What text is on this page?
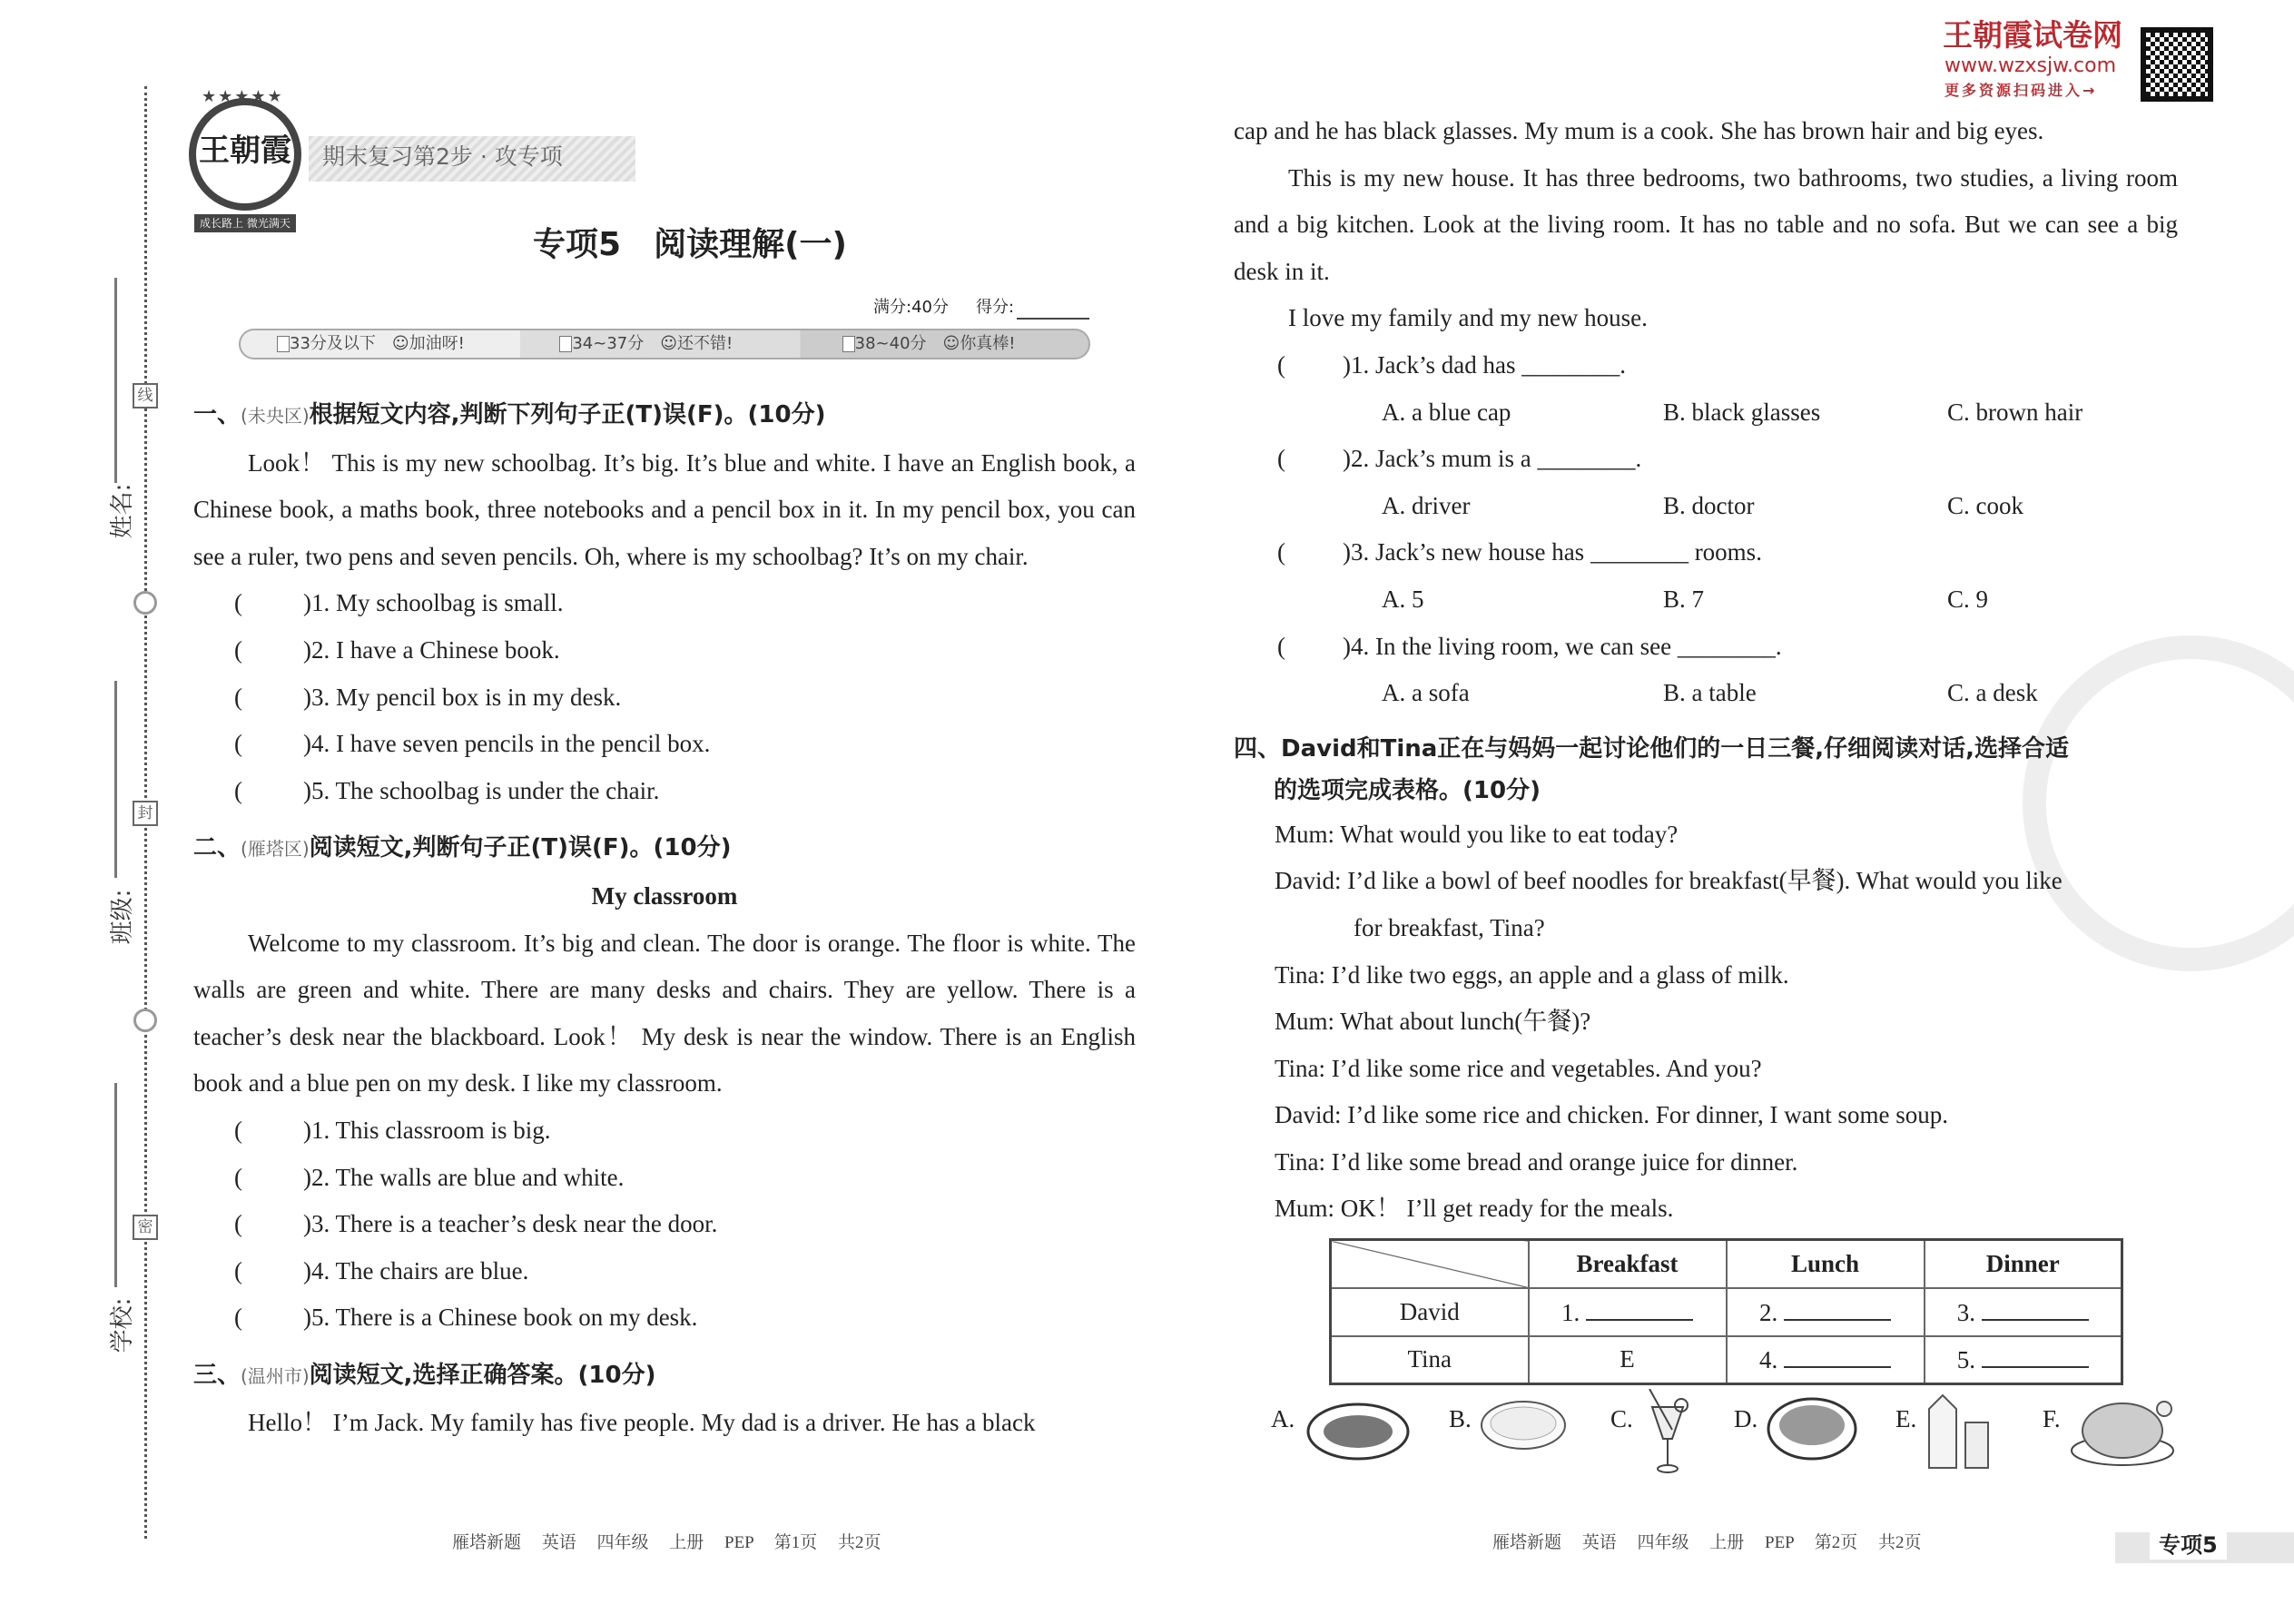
线
封
密
姓名:
班级:
学校:
期末复习第2步 · 攻专项
王朝霞
★★★★★
成长路上 微光满天
专项5　阅读理解(一)
满分:40分 得分:
33分及以下　 ☺加油呀!	34~37分　 ☺还不错!	38~40分　 ☺你真棒!
王朝霞试卷网
www.wzxsjw.com
更多资源扫码进入→
一、(未央区)根据短文内容,判断下列句子正(T)误(F)。(10分)
Look！ This is my new schoolbag. It’s big. It’s blue and white. I have an English book, a Chinese book, a maths book, three notebooks and a pencil box in it. In my pencil box, you can see a ruler, two pens and seven pencils. Oh, where is my schoolbag? It’s on my chair.
(　　 ) 1. My schoolbag is small.
(　　 ) 2. I have a Chinese book.
(　　 ) 3. My pencil box is in my desk.
(　　 ) 4. I have seven pencils in the pencil box.
(　　 ) 5. The schoolbag is under the chair.
二、(雁塔区)阅读短文,判断句子正(T)误(F)。(10分)
My classroom
Welcome to my classroom. It’s big and clean. The door is orange. The floor is white. The walls are green and white. There are many desks and chairs. They are yellow. There is a teacher’s desk near the blackboard. Look！ My desk is near the window. There is an English book and a blue pen on my desk. I like my classroom.
(　　 ) 1. This classroom is big.
(　　 ) 2. The walls are blue and white.
(　　 ) 3. There is a teacher’s desk near the door.
(　　 ) 4. The chairs are blue.
(　　 ) 5. There is a Chinese book on my desk.
三、(温州市)阅读短文,选择正确答案。(10分)
Hello！ I’m Jack. My family has five people. My dad is a driver. He has a black
cap and he has black glasses. My mum is a cook. She has brown hair and big eyes.
This is my new house. It has three bedrooms, two bathrooms, two studies, a living room and a big kitchen. Look at the living room. It has no table and no sofa. But we can see a big desk in it.
I love my family and my new house.
(　　 )1. Jack’s dad has ________.
A. a blue cap	B. black glasses	C. brown hair
(　　 )2. Jack’s mum is a ________.
A. driver	B. doctor	C. cook
(　　 )3. Jack’s new house has ________ rooms.
A. 5	B. 7	C. 9
(　　 )4. In the living room, we can see ________.
A. a sofa	B. a table	C. a desk
四、David和Tina正在与妈妈一起讨论他们的一日三餐,仔细阅读对话,选择合适
的选项完成表格。(10分)
Mum: What would you like to eat today?
David: I’d like a bowl of beef noodles for breakfast(早餐). What would you like
for breakfast, Tina?
Tina: I’d like two eggs, an apple and a glass of milk.
Mum: What about lunch(午餐)?
Tina: I’d like some rice and vegetables. And you?
David: I’d like some rice and chicken. For dinner, I want some soup.
Tina: I’d like some bread and orange juice for dinner.
Mum: OK！ I’ll get ready for the meals.
	Breakfast	Lunch	Dinner
David	1.	2.	3.
Tina	E	4.	5.
A.	B.	C.	D.	E.	F.
雁塔新题 英语 四年级 上册 PEP 第1页 共2页	雁塔新题 英语 四年级 上册 PEP 第2页 共2页	专项5
